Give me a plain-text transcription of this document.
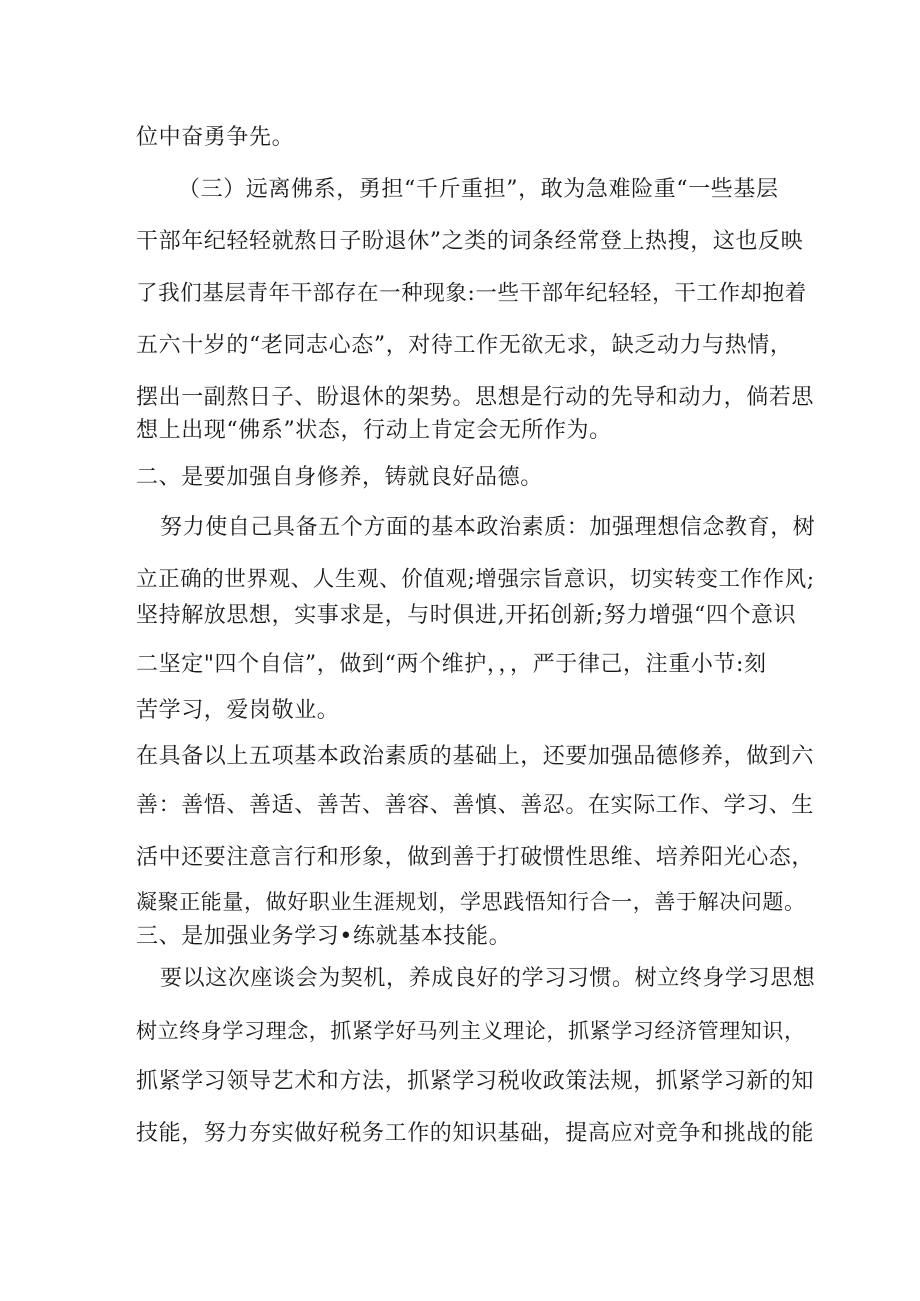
位中奋勇争先。
（三）远离佛系，勇担“千斤重担”，敢为急难险重“一些基层
干部年纪轻轻就熬日子盼退休”之类的词条经常登上热搜，这也反映
了我们基层青年干部存在一种现象:一些干部年纪轻轻，干工作却抱着
五六十岁的“老同志心态”，对待工作无欲无求，缺乏动力与热情，
摆出一副熬日子、盼退休的架势。思想是行动的先导和动力，倘若思
想上出现“佛系”状态，行动上肯定会无所作为。
二、是要加强自身修养，铸就良好品德。
努力使自己具备五个方面的基本政治素质：加强理想信念教育，树
立正确的世界观、人生观、价值观;增强宗旨意识，切实转变工作作风;
坚持解放思想，实事求是，与时俱进,开拓创新;努力增强“四个意识
二坚定"四个自信”，做到“两个维护，，，严于律己，注重小节:刻
苦学习，爱岗敬业。
在具备以上五项基本政治素质的基础上，还要加强品德修养，做到六
善：善悟、善适、善苦、善容、善慎、善忍。在实际工作、学习、生
活中还要注意言行和形象，做到善于打破惯性思维、培养阳光心态，
凝聚正能量，做好职业生涯规划，学思践悟知行合一，善于解决问题。
三、是加强业务学习•练就基本技能。
要以这次座谈会为契机，养成良好的学习习惯。树立终身学习思想
树立终身学习理念，抓紧学好马列主义理论，抓紧学习经济管理知识，
抓紧学习领导艺术和方法，抓紧学习税收政策法规，抓紧学习新的知
技能，努力夯实做好税务工作的知识基础，提高应对竞争和挑战的能
